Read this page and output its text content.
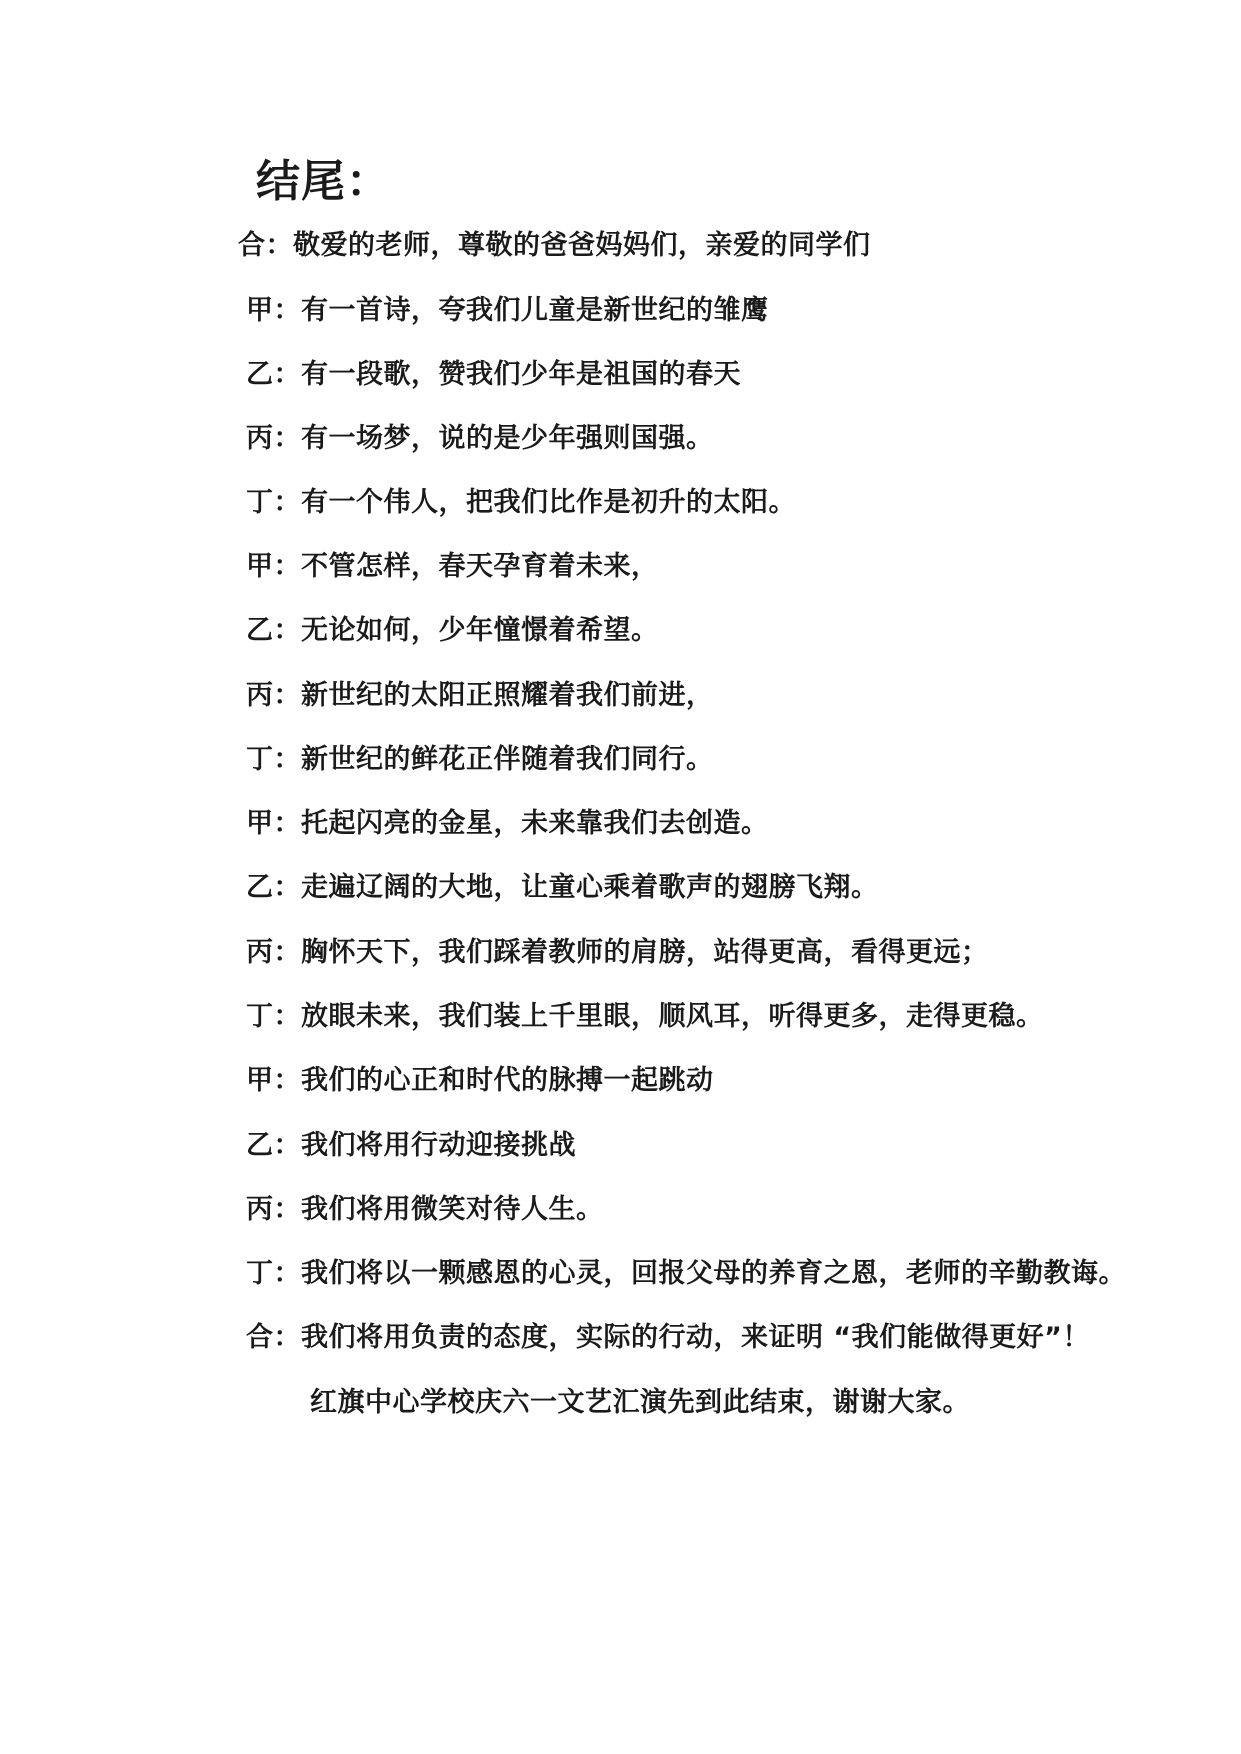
结尾：
合：敬爱的老师，尊敬的爸爸妈妈们，亲爱的同学们
甲：有一首诗，夸我们儿童是新世纪的雏鹰
乙：有一段歌，赞我们少年是祖国的春天
丙：有一场梦，说的是少年强则国强。
丁：有一个伟人，把我们比作是初升的太阳。
甲：不管怎样，春天孕育着未来，
乙：无论如何，少年憧憬着希望。
丙：新世纪的太阳正照耀着我们前进，
丁：新世纪的鲜花正伴随着我们同行。
甲：托起闪亮的金星，未来靠我们去创造。
乙：走遍辽阔的大地，让童心乘着歌声的翅膀飞翔。
丙：胸怀天下，我们踩着教师的肩膀，站得更高，看得更远；
丁：放眼未来，我们装上千里眼，顺风耳，听得更多，走得更稳。
甲：我们的心正和时代的脉搏一起跳动
乙：我们将用行动迎接挑战
丙：我们将用微笑对待人生。
丁：我们将以一颗感恩的心灵，回报父母的养育之恩，老师的辛勤教诲。
合：我们将用负责的态度，实际的行动，来证明 “我们能做得更好”！
红旗中心学校庆六一文艺汇演先到此结束，谢谢大家。
